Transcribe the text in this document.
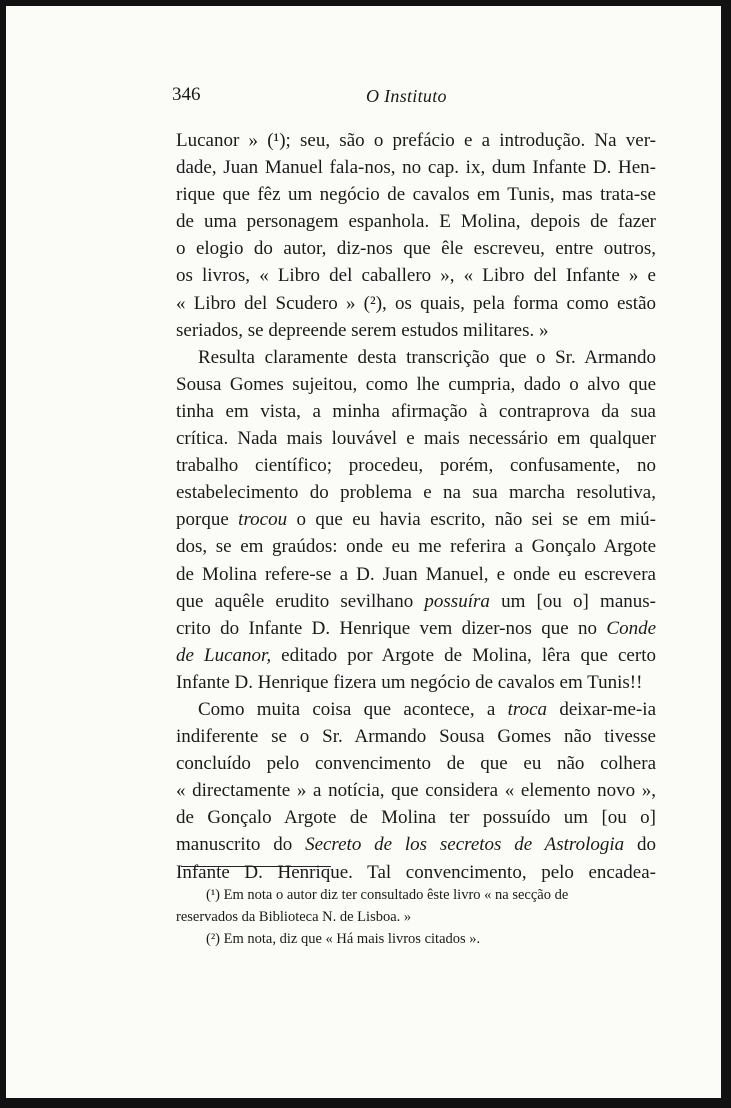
346	O Instituto
Lucanor » (¹); seu, são o prefácio e a introdução. Na ver-
dade, Juan Manuel fala-nos, no cap. ix, dum Infante D. Hen-
rique que fêz um negócio de cavalos em Tunis, mas trata-se
de uma personagem espanhola. E Molina, depois de fazer
o elogio do autor, diz-nos que êle escreveu, entre outros,
os livros, « Libro del caballero », « Libro del Infante » e
« Libro del Scudero » (²), os quais, pela forma como estão
seriados, se depreende serem estudos militares. »
Resulta claramente desta transcrição que o Sr. Armando
Sousa Gomes sujeitou, como lhe cumpria, dado o alvo que
tinha em vista, a minha afirmação à contraprova da sua
crítica. Nada mais louvável e mais necessário em qualquer
trabalho científico; procedeu, porém, confusamente, no
estabelecimento do problema e na sua marcha resolutiva,
porque trocou o que eu havia escrito, não sei se em miú-
dos, se em graúdos: onde eu me referira a Gonçalo Argote
de Molina refere-se a D. Juan Manuel, e onde eu escrevera
que aquêle erudito sevilhano possuíra um [ou o] manus-
crito do Infante D. Henrique vem dizer-nos que no Conde
de Lucanor, editado por Argote de Molina, lêra que certo
Infante D. Henrique fizera um negócio de cavalos em Tunis!!
Como muita coisa que acontece, a troca deixar-me-ia
indiferente se o Sr. Armando Sousa Gomes não tivesse
concluído pelo convencimento de que eu não colhera
« directamente » a notícia, que considera « elemento novo »,
de Gonçalo Argote de Molina ter possuído um [ou o]
manuscrito do Secreto de los secretos de Astrologia do
Infante D. Henrique. Tal convencimento, pelo encadea-
(¹) Em nota o autor diz ter consultado êste livro « na secção de
reservados da Biblioteca N. de Lisboa. »
(²) Em nota, diz que « Há mais livros citados ».
